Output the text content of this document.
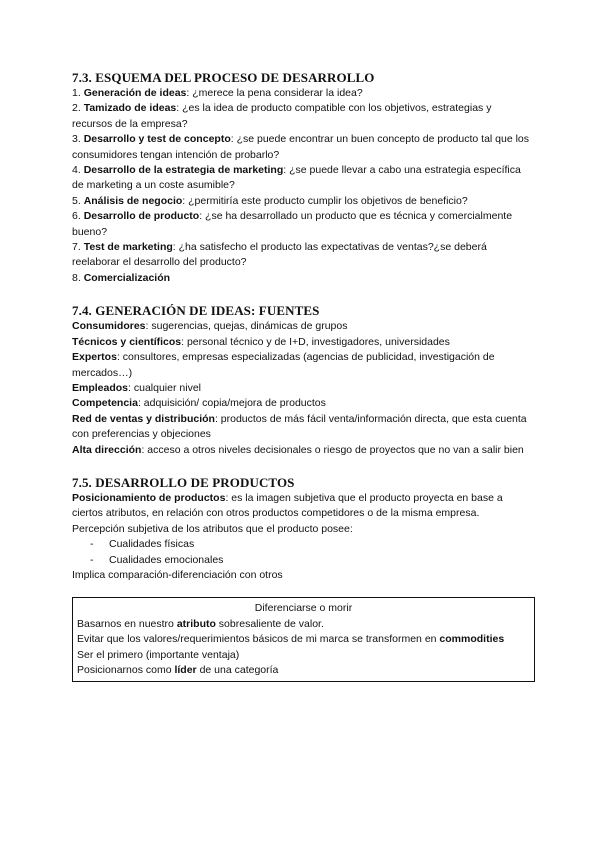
7.3. ESQUEMA DEL PROCESO DE DESARROLLO

1. Generación de ideas: ¿merece la pena considerar la idea?

2. Tamizado de ideas: ¿es la idea de producto compatible con los objetivos, estrategias y recursos de la empresa?

3. Desarrollo y test de concepto: ¿se puede encontrar un buen concepto de producto tal que los consumidores tengan intención de probarlo?

4. Desarrollo de la estrategia de marketing: ¿se puede llevar a cabo una estrategia específica de marketing a un coste asumible?

5. Análisis de negocio: ¿permitiría este producto cumplir los objetivos de beneficio?

6. Desarrollo de producto: ¿se ha desarrollado un producto que es técnica y comercialmente bueno?

7. Test de marketing: ¿ha satisfecho el producto las expectativas de ventas?¿se deberá reelaborar el desarrollo del producto?

8. Comercialización

7.4. GENERACIÓN DE IDEAS: FUENTES

Consumidores: sugerencias, quejas, dinámicas de grupos

Técnicos y científicos: personal técnico y de I+D, investigadores, universidades

Expertos: consultores, empresas especializadas (agencias de publicidad, investigación de mercados…)

Empleados: cualquier nivel

Competencia: adquisición/ copia/mejora de productos

Red de ventas y distribución: productos de más fácil venta/información directa, que esta cuenta con preferencias y objeciones

Alta dirección: acceso a otros niveles decisionales o riesgo de proyectos que no van a salir bien

7.5. DESARROLLO DE PRODUCTOS

Posicionamiento de productos: es la imagen subjetiva que el producto proyecta en base a ciertos atributos, en relación con otros productos competidores o de la misma empresa.

Percepción subjetiva de los atributos que el producto posee:

- Cualidades físicas
- Cualidades emocionales

Implica comparación-diferenciación con otros

Diferenciarse o morir

Basarnos en nuestro atributo sobresaliente de valor.

Evitar que los valores/requerimientos básicos de mi marca se transformen en commodities

Ser el primero (importante ventaja)

Posicionarnos como líder de una categoría
